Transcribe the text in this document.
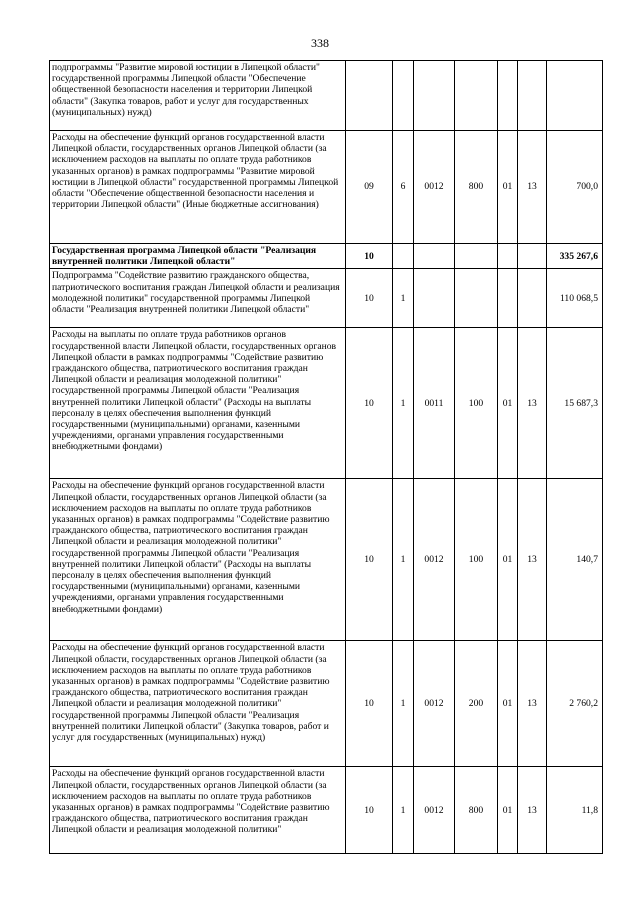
338
подпрограммы "Развитие мировой юстиции в Липецкой области" государственной программы Липецкой области "Обеспечение общественной безопасности населения и территории Липецкой области" (Закупка товаров, работ и услуг для государственных (муниципальных) нужд)							
Расходы на обеспечение функций органов государственной власти Липецкой области, государственных органов Липецкой области (за исключением расходов на выплаты по оплате труда работников указанных органов) в рамках подпрограммы "Развитие мировой юстиции в Липецкой области" государственной программы Липецкой области "Обеспечение общественной безопасности населения и территории Липецкой области" (Иные бюджетные ассигнования)	09	6	0012	800	01	13	700,0
Государственная программа Липецкой области "Реализация внутренней политики Липецкой области"	10						335 267,6
Подпрограмма "Содействие развитию гражданского общества, патриотического воспитания граждан Липецкой области и реализация молодежной политики" государственной программы Липецкой области "Реализация внутренней политики Липецкой области"	10	1					110 068,5
Расходы на выплаты по оплате труда работников органов государственной власти Липецкой области, государственных органов Липецкой области в рамках подпрограммы "Содействие развитию гражданского общества, патриотического воспитания граждан Липецкой области и реализация молодежной политики" государственной программы Липецкой области "Реализация внутренней политики Липецкой области" (Расходы на выплаты персоналу в целях обеспечения выполнения функций государственными (муниципальными) органами, казенными учреждениями, органами управления государственными внебюджетными фондами)	10	1	0011	100	01	13	15 687,3
Расходы на обеспечение функций органов государственной власти Липецкой области, государственных органов Липецкой области (за исключением расходов на выплаты по оплате труда работников указанных органов) в рамках подпрограммы "Содействие развитию гражданского общества, патриотического воспитания граждан Липецкой области и реализация молодежной политики" государственной программы Липецкой области "Реализация внутренней политики Липецкой области" (Расходы на выплаты персоналу в целях обеспечения выполнения функций государственными (муниципальными) органами, казенными учреждениями, органами управления государственными внебюджетными фондами)	10	1	0012	100	01	13	140,7
Расходы на обеспечение функций органов государственной власти Липецкой области, государственных органов Липецкой области (за исключением расходов на выплаты по оплате труда работников указанных органов) в рамках подпрограммы "Содействие развитию гражданского общества, патриотического воспитания граждан Липецкой области и реализация молодежной политики" государственной программы Липецкой области "Реализация внутренней политики Липецкой области" (Закупка товаров, работ и услуг для государственных (муниципальных) нужд)	10	1	0012	200	01	13	2 760,2
Расходы на обеспечение функций органов государственной власти Липецкой области, государственных органов Липецкой области (за исключением расходов на выплаты по оплате труда работников указанных органов) в рамках подпрограммы "Содействие развитию гражданского общества, патриотического воспитания граждан Липецкой области и реализация молодежной политики"	10	1	0012	800	01	13	11,8
